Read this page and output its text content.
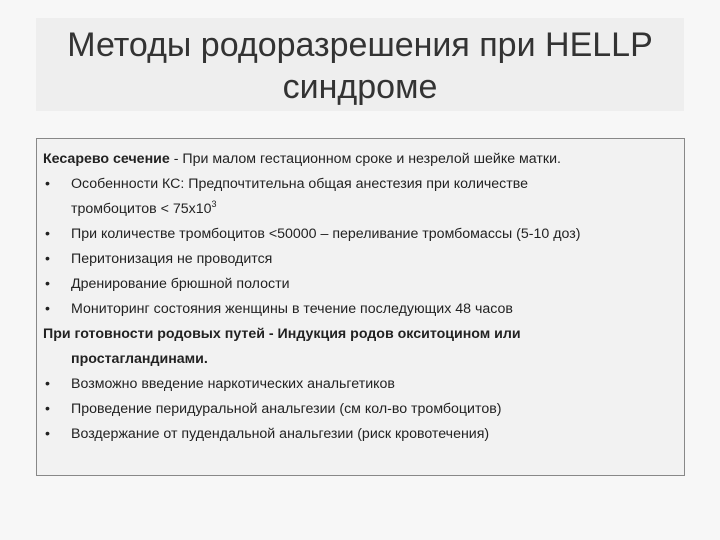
Методы родоразрешения при HELLP
синдроме
Кесарево сечение - При малом гестационном сроке и незрелой шейке матки.
• Особенности КС: Предпочтительна общая анестезия при количестве
тромбоцитов < $75х10^3$
• При количестве тромбоцитов <50000 – переливание тромбомассы (5-10 доз)
• Перитонизация не проводится
• Дренирование брюшной полости
• Мониторинг состояния женщины в течение последующих 48 часов
При готовности родовых путей - Индукция родов окситоцином или
простагландинами.
• Возможно введение наркотических анальгетиков
• Проведение перидуральной анальгезии (см кол-во тромбоцитов)
• Воздержание от пудендальной анальгезии (риск кровотечения)
